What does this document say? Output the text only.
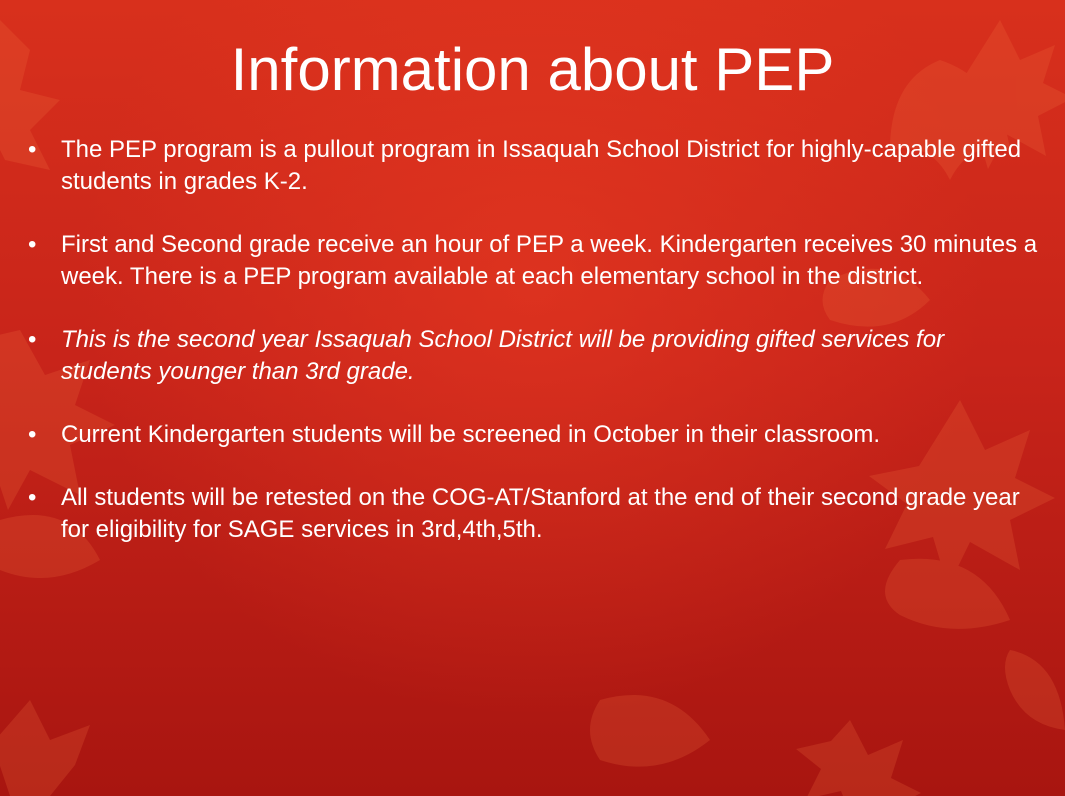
Information about PEP
• The PEP program is a pullout program in Issaquah School District for highly-capable gifted students in grades K-2.
• First and Second grade receive an hour of PEP a week. Kindergarten receives 30 minutes a week. There is a PEP program available at each elementary school in the district.
• This is the second year Issaquah School District will be providing gifted services for students younger than 3rd grade.
• Current Kindergarten students will be screened in October in their classroom.
• All students will be retested on the COG-AT/Stanford at the end of their second grade year for eligibility for SAGE services in 3rd,4th,5th.
